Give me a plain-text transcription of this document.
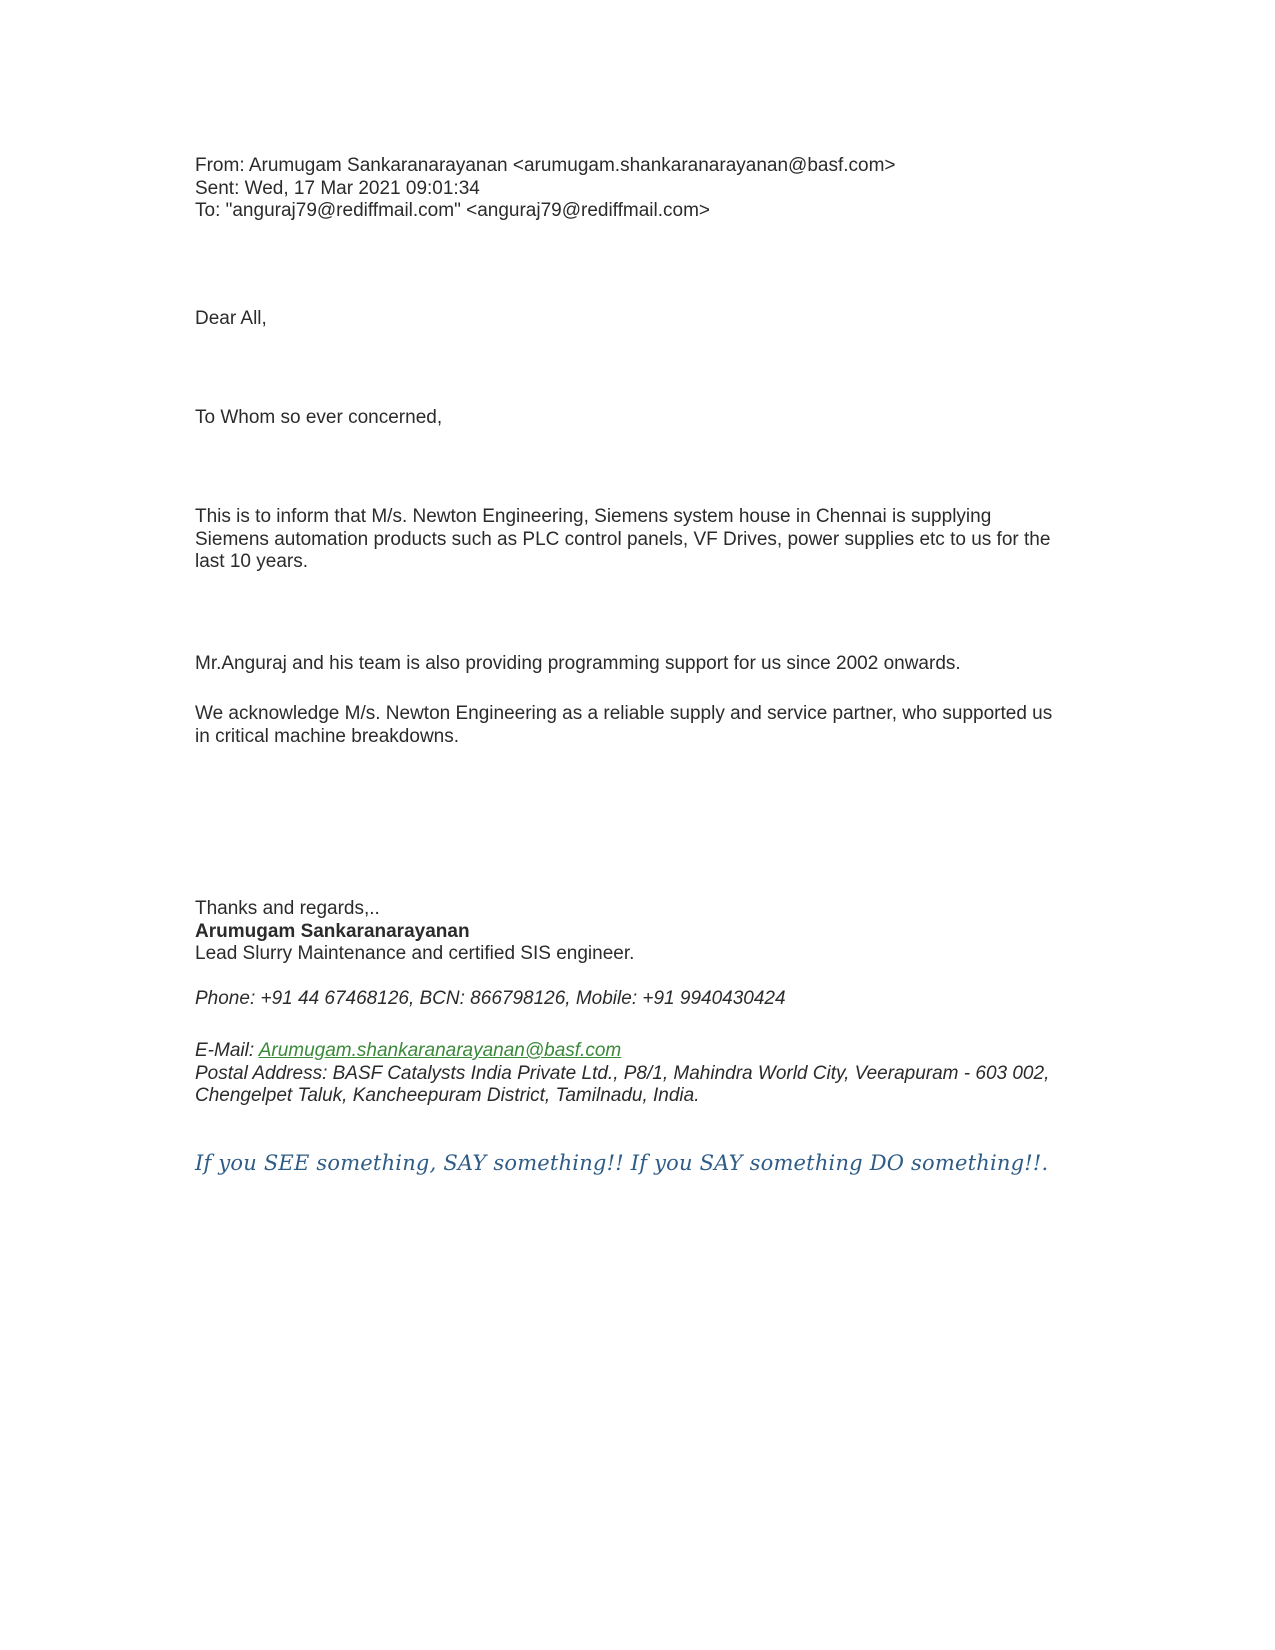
From: Arumugam Sankaranarayanan <arumugam.shankaranarayanan@basf.com>
Sent: Wed, 17 Mar 2021 09:01:34
To: "anguraj79@rediffmail.com" <anguraj79@rediffmail.com>
Dear All,
To Whom so ever concerned,
This is to inform that M/s. Newton Engineering, Siemens system house in Chennai is supplying Siemens automation products such as PLC control panels, VF Drives, power supplies etc to us for the last 10 years.
Mr.Anguraj and his team is also providing programming support for us since 2002 onwards.
We acknowledge M/s. Newton Engineering as a reliable supply and service partner, who supported us in critical machine breakdowns.
Thanks and regards,..
Arumugam Sankaranarayanan
Lead Slurry Maintenance and certified SIS engineer.
Phone: +91 44 67468126, BCN: 866798126, Mobile: +91 9940430424
E-Mail: Arumugam.shankaranarayanan@basf.com
Postal Address: BASF Catalysts India Private Ltd., P8/1, Mahindra World City, Veerapuram - 603 002, Chengelpet Taluk, Kancheepuram District, Tamilnadu, India.
If you SEE something, SAY something!! If you SAY something DO something!!.
